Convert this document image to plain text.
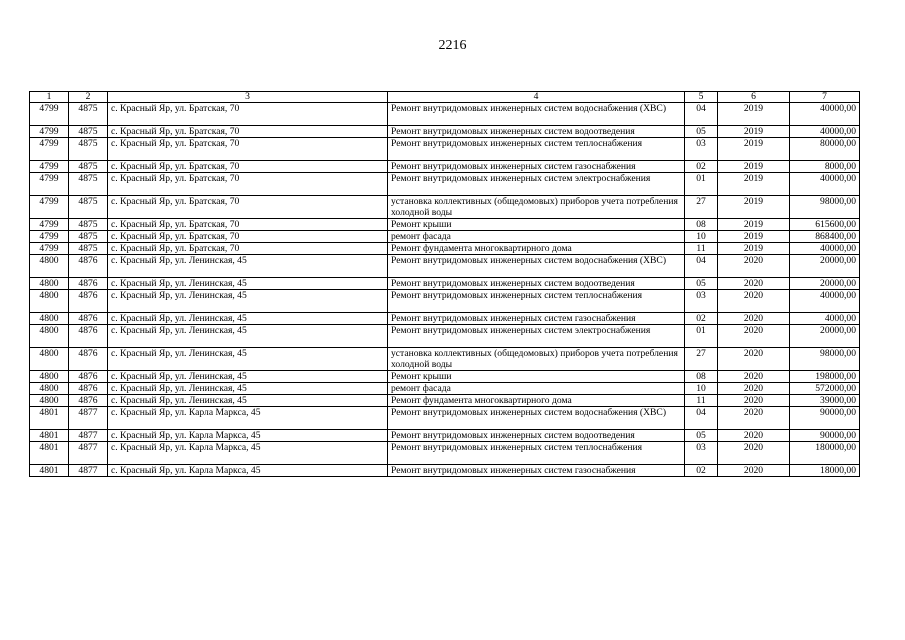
2216
1	2	3	4	5	6	7
4799	4875	с. Красный Яр, ул. Братская, 70	Ремонт внутридомовых инженерных систем водоснабжения (ХВС)	04	2019	40000,00
4799	4875	с. Красный Яр, ул. Братская, 70	Ремонт внутридомовых инженерных систем водоотведения	05	2019	40000,00
4799	4875	с. Красный Яр, ул. Братская, 70	Ремонт внутридомовых инженерных систем теплоснабжения	03	2019	80000,00
4799	4875	с. Красный Яр, ул. Братская, 70	Ремонт внутридомовых инженерных систем газоснабжения	02	2019	8000,00
4799	4875	с. Красный Яр, ул. Братская, 70	Ремонт внутридомовых инженерных систем электроснабжения	01	2019	40000,00
4799	4875	с. Красный Яр, ул. Братская, 70	установка коллективных (общедомовых) приборов учета потребления холодной воды	27	2019	98000,00
4799	4875	с. Красный Яр, ул. Братская, 70	Ремонт крыши	08	2019	615600,00
4799	4875	с. Красный Яр, ул. Братская, 70	ремонт фасада	10	2019	868400,00
4799	4875	с. Красный Яр, ул. Братская, 70	Ремонт фундамента многоквартирного дома	11	2019	40000,00
4800	4876	с. Красный Яр, ул. Ленинская, 45	Ремонт внутридомовых инженерных систем водоснабжения (ХВС)	04	2020	20000,00
4800	4876	с. Красный Яр, ул. Ленинская, 45	Ремонт внутридомовых инженерных систем водоотведения	05	2020	20000,00
4800	4876	с. Красный Яр, ул. Ленинская, 45	Ремонт внутридомовых инженерных систем теплоснабжения	03	2020	40000,00
4800	4876	с. Красный Яр, ул. Ленинская, 45	Ремонт внутридомовых инженерных систем газоснабжения	02	2020	4000,00
4800	4876	с. Красный Яр, ул. Ленинская, 45	Ремонт внутридомовых инженерных систем электроснабжения	01	2020	20000,00
4800	4876	с. Красный Яр, ул. Ленинская, 45	установка коллективных (общедомовых) приборов учета потребления холодной воды	27	2020	98000,00
4800	4876	с. Красный Яр, ул. Ленинская, 45	Ремонт крыши	08	2020	198000,00
4800	4876	с. Красный Яр, ул. Ленинская, 45	ремонт фасада	10	2020	572000,00
4800	4876	с. Красный Яр, ул. Ленинская, 45	Ремонт фундамента многоквартирного дома	11	2020	39000,00
4801	4877	с. Красный Яр, ул. Карла Маркса, 45	Ремонт внутридомовых инженерных систем водоснабжения (ХВС)	04	2020	90000,00
4801	4877	с. Красный Яр, ул. Карла Маркса, 45	Ремонт внутридомовых инженерных систем водоотведения	05	2020	90000,00
4801	4877	с. Красный Яр, ул. Карла Маркса, 45	Ремонт внутридомовых инженерных систем теплоснабжения	03	2020	180000,00
4801	4877	с. Красный Яр, ул. Карла Маркса, 45	Ремонт внутридомовых инженерных систем газоснабжения	02	2020	18000,00
